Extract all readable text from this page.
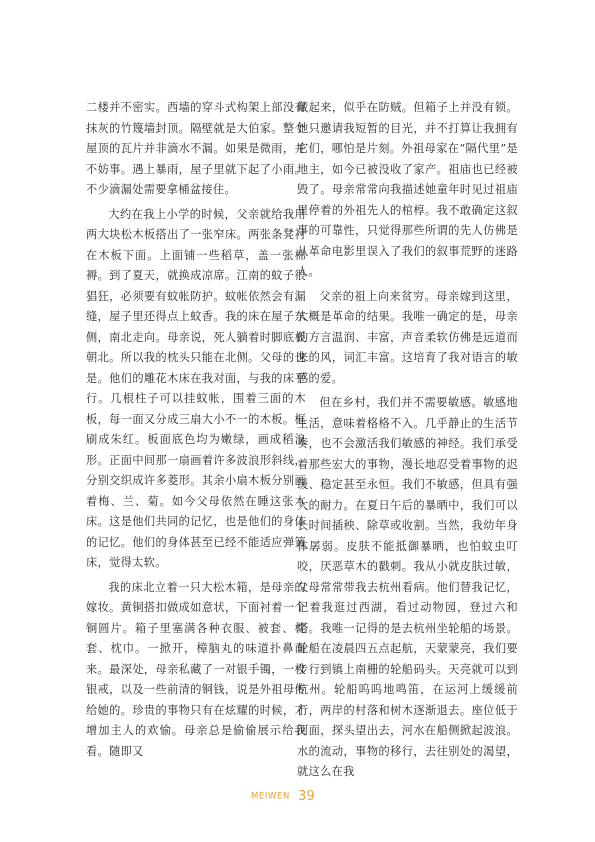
二楼并不密实。西墙的穿斗式构架上部没有抹灰的竹篾墙封顶。隔壁就是大伯家。整个屋顶的瓦片并非滴水不漏。如果是微雨，并不妨事。遇上暴雨，屋子里就下起了小雨。不少滴漏处需要拿桶盆接住。

大约在我上小学的时候，父亲就给我用两大块松木板搭出了一张窄床。两张条凳衬在木板下面。上面铺一些稻草，盖一张棉褥。到了夏天，就换成凉席。江南的蚊子很猖狂，必须要有蚊帐防护。蚊帐依然会有漏缝，屋子里还得点上蚊香。我的床在屋子东侧，南北走向。母亲说，死人躺着时脚底板朝北。所以我的枕头只能在北侧。父母的也是。他们的雕花木床在我对面，与我的床平行。几根柱子可以挂蚊帐，围着三面的木板，每一面又分成三扇大小不一的木板。框刷成朱红。板面底色均为嫩绿，画成稻浪形。正面中间那一扇画着许多波浪形斜线，分别交织成许多菱形。其余小扇木板分别画着梅、兰、菊。如今父母依然在睡这张木床。这是他们共同的记忆，也是他们的身体的记忆。他们的身体甚至已经不能适应弹簧床，觉得太软。

我的床北立着一只大松木箱，是母亲的嫁妆。黄铜搭扣做成如意状，下面衬着一个铜圆片。箱子里塞满各种衣服、被套、枕套、枕巾。一掀开，樟脑丸的味道扑鼻而来。最深处，母亲私藏了一对银手镯，一枚银戒，以及一些前清的铜钱，说是外祖母传给她的。珍贵的事物只有在炫耀的时候，才增加主人的欢愉。母亲总是偷偷展示给我看。随即又

藏起来，似乎在防贼。但箱子上并没有锁。她只邀请我短暂的目光，并不打算让我拥有它们，哪怕是片刻。外祖母家在“隔代里”是地主，如今已被没收了家产。祖庙也已经被毁了。母亲常常向我描述她童年时见过祖庙里停着的外祖先人的棺椁。我不敢确定这叙事的可靠性，只觉得那些所谓的先人仿佛是从革命电影里误入了我们的叙事荒野的迷路人。

父亲的祖上向来贫穷。母亲嫁到这里，大概是革命的结果。我唯一确定的是，母亲的方言温润、丰富，声音柔软仿佛是远道而来的风，词汇丰富。这培育了我对语言的敏感的爱。

但在乡村，我们并不需要敏感。敏感地生活，意味着格格不入。几乎静止的生活节奏，也不会激活我们敏感的神经。我们承受着那些宏大的事物，漫长地忍受着事物的迟缓、稳定甚至永恒。我们不敏感，但具有强大的耐力。在夏日午后的暴晒中，我们可以长时间插秧、除草或收割。当然，我幼年身体孱弱。皮肤不能抵御暴晒，也怕蚊虫叮咬，厌恶草木的戳刺。我从小就皮肤过敏，父母常常带我去杭州看病。他们替我记忆，记着我逛过西湖，看过动物园，登过六和塔。我唯一记得的是去杭州坐轮船的场景。轮船在凌晨四五点起航，天蒙蒙亮，我们要步行到镇上南栅的轮船码头。天亮就可以到杭州。轮船呜呜地鸣笛，在运河上缓缓前行，两岸的村落和树木逐渐退去。座位低于河面，探头望出去，河水在船侧掀起波浪。水的流动，事物的移行，去往别处的渴望，就这么在我

MEIWEN 39
